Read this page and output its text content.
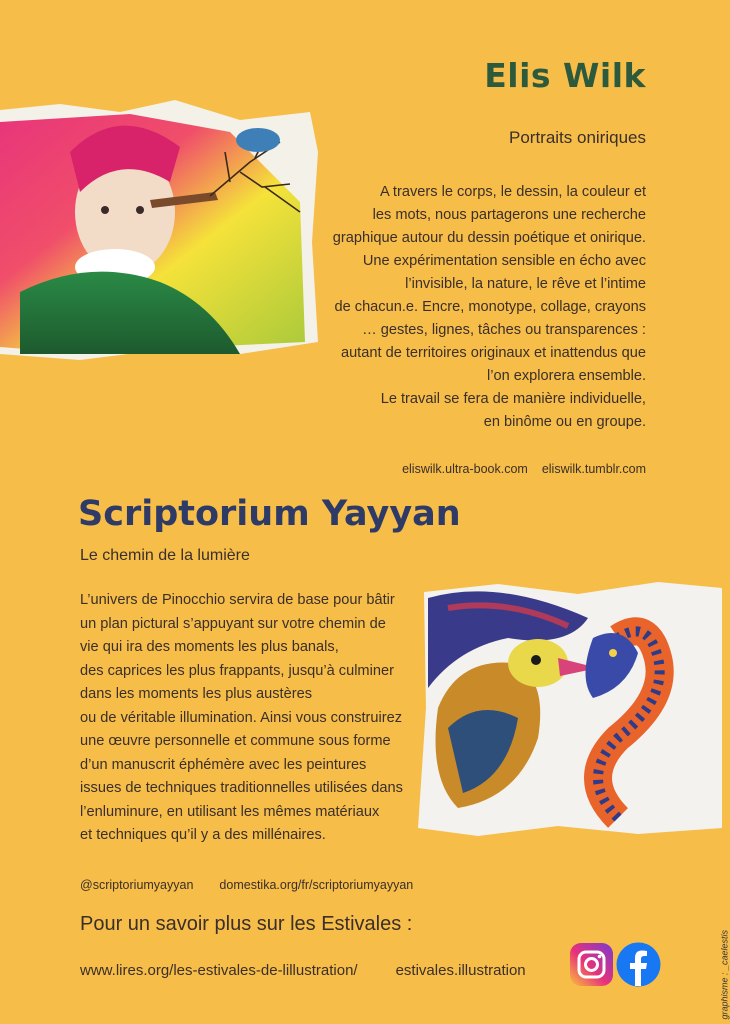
Elis Wilk
Portraits oniriques
A travers le corps, le dessin, la couleur et
les mots, nous partagerons une recherche
graphique autour du dessin poétique et onirique.
Une expérimentation sensible en écho avec
l’invisible, la nature, le rêve et l’intime
de chacun.e. Encre, monotype, collage, crayons
… gestes, lignes, tâches ou transparences :
autant de territoires originaux et inattendus que
l’on explorera ensemble.
Le travail se fera de manière individuelle,
en binôme ou en groupe.
eliswilk.ultra-book.com eliswilk.tumblr.com
Scriptorium Yayyan
Le chemin de la lumière
L’univers de Pinocchio servira de base pour bâtir
un plan pictural s’appuyant sur votre chemin de
vie qui ira des moments les plus banals,
des caprices les plus frappants, jusqu’à culminer
dans les moments les plus austères
ou de véritable illumination. Ainsi vous construirez
une œuvre personnelle et commune sous forme
d’un manuscrit éphémère avec les peintures
issues de techniques traditionnelles utilisées dans
l’enluminure, en utilisant les mêmes matériaux
et techniques qu’il y a des millénaires.
@scriptoriumyayyan domestika.org/fr/scriptoriumyayyan
Pour un savoir plus sur les Estivales :
www.lires.org/les-estivales-de-lillustration/	estivales.illustration	graphisme : _caelestis
